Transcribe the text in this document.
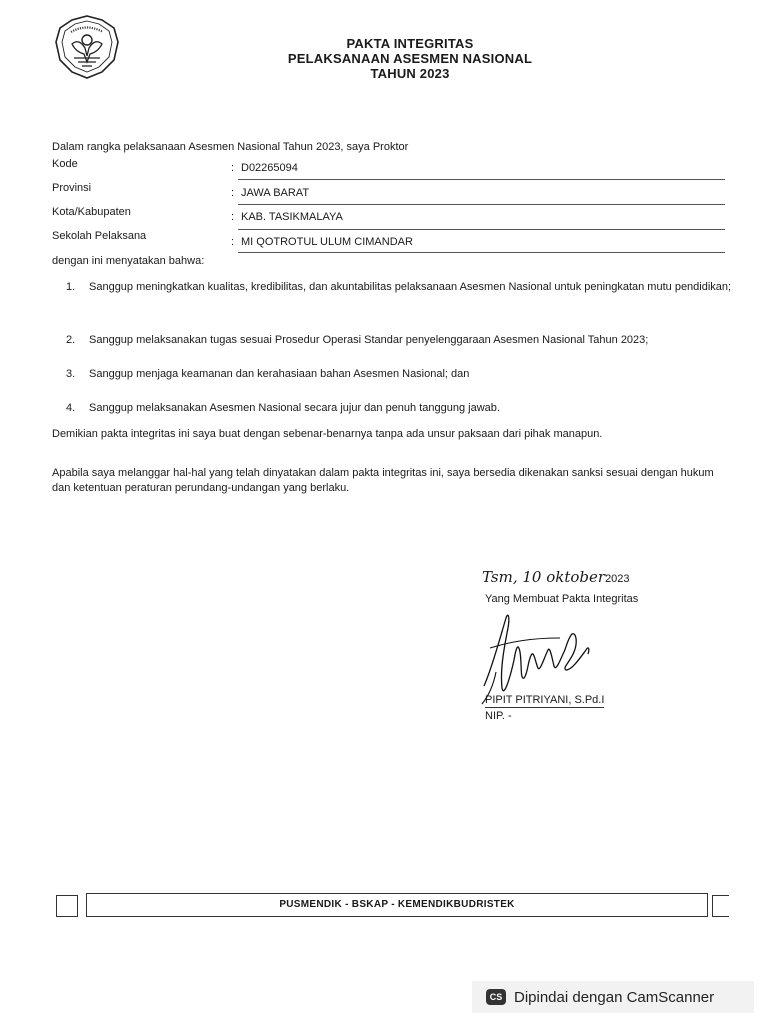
PAKTA INTEGRITAS
PELAKSANAAN ASESMEN NASIONAL
TAHUN 2023
Dalam rangka pelaksanaan Asesmen Nasional Tahun 2023, saya Proktor
Kode	: D02265094
Provinsi	: JAWA BARAT
Kota/Kabupaten	: KAB. TASIKMALAYA
Sekolah Pelaksana	: MI QOTROTUL ULUM CIMANDAR
dengan ini menyatakan bahwa:
1. Sanggup meningkatkan kualitas, kredibilitas, dan akuntabilitas pelaksanaan Asesmen Nasional untuk peningkatan mutu pendidikan;
2. Sanggup melaksanakan tugas sesuai Prosedur Operasi Standar penyelenggaraan Asesmen Nasional Tahun 2023;
3. Sanggup menjaga keamanan dan kerahasiaan bahan Asesmen Nasional; dan
4. Sanggup melaksanakan Asesmen Nasional secara jujur dan penuh tanggung jawab.
Demikian pakta integritas ini saya buat dengan sebenar-benarnya tanpa ada unsur paksaan dari pihak manapun.
Apabila saya melanggar hal-hal yang telah dinyatakan dalam pakta integritas ini, saya bersedia dikenakan sanksi sesuai dengan hukum dan ketentuan peraturan perundang-undangan yang berlaku.
Tsm, 10 oktober2023
Yang Membuat Pakta Integritas
PIPIT PITRIYANI, S.Pd.I
NIP. -
PUSMENDIK - BSKAP - KEMENDIKBUDRISTEK
CS Dipindai dengan CamScanner
